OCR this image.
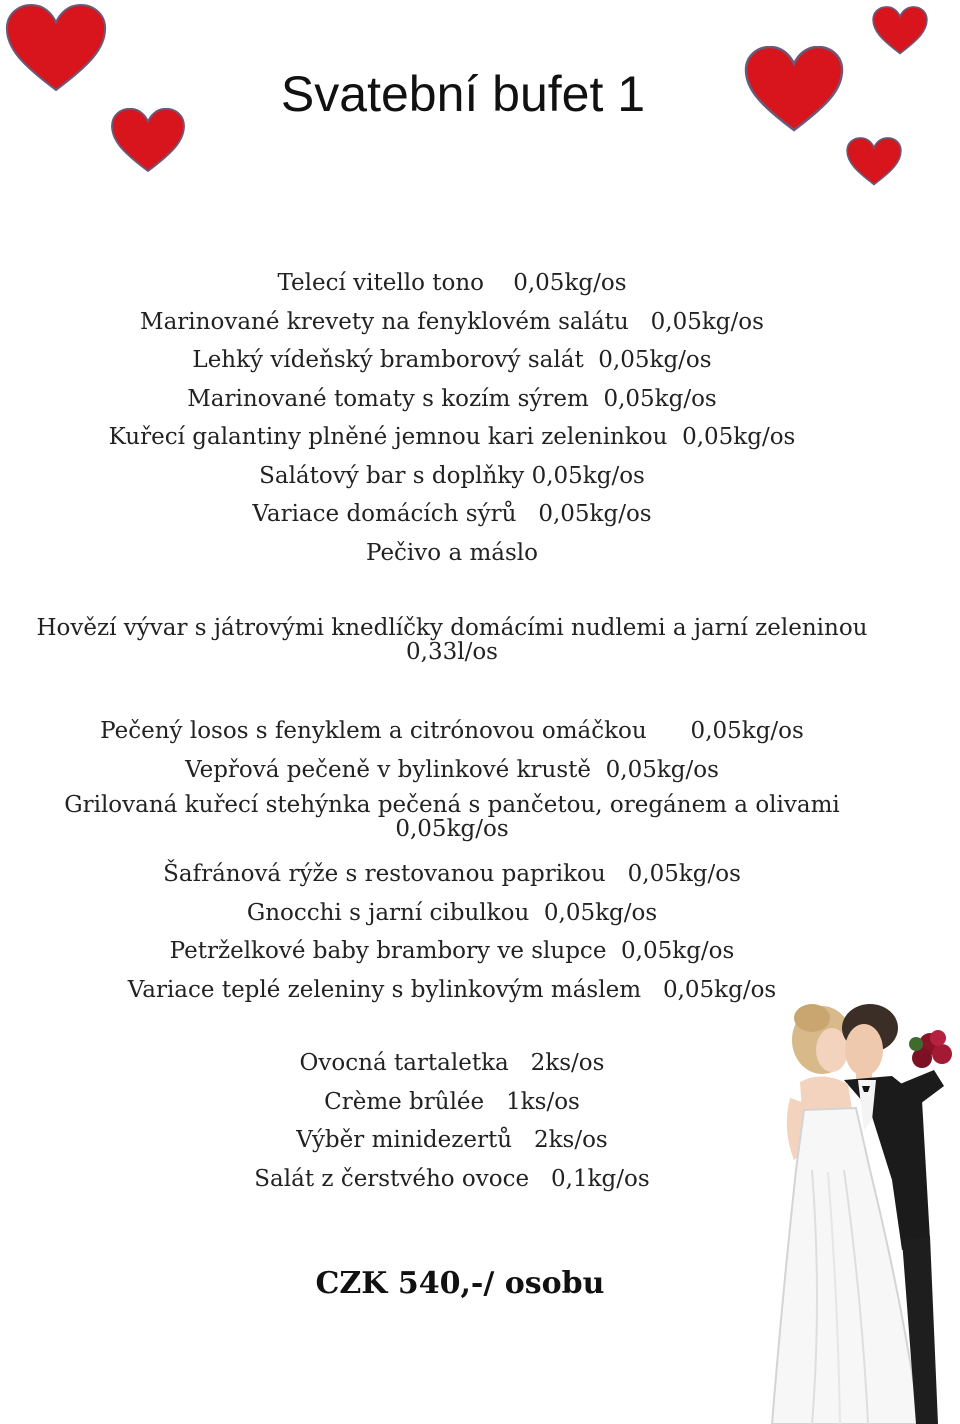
Svatební bufet 1
Telecí vitello tono    0,05kg/os
Marinované krevety na fenyklovém salátu   0,05kg/os
Lehký vídeňský bramborový salát  0,05kg/os
Marinované tomaty s kozím sýrem  0,05kg/os
Kuřecí galantiny plněné jemnou kari zeleninkou  0,05kg/os
Salátový bar s doplňky 0,05kg/os
Variace domácích sýrů   0,05kg/os
Pečivo a máslo
Hovězí vývar s játrovými knedlíčky domácími nudlemi a jarní zeleninou 0,33l/os
Pečený losos s fenyklem a citrónovou omáčkou      0,05kg/os
Vepřová pečeně v bylinkové krustě  0,05kg/os
Grilovaná kuřecí stehýnka pečená s pančetou, oregánem a olivami 0,05kg/os
Šafránová rýže s restovanou paprikou   0,05kg/os
Gnocchi s jarní cibulkou  0,05kg/os
Petrželkové baby brambory ve slupce  0,05kg/os
Variace teplé zeleniny s bylinkovým máslem   0,05kg/os
Ovocná tartaletka   2ks/os
Crème brûlée   1ks/os
Výběr minidezertů   2ks/os
Salát z čerstvého ovoce   0,1kg/os
CZK 540,-/ osobu
